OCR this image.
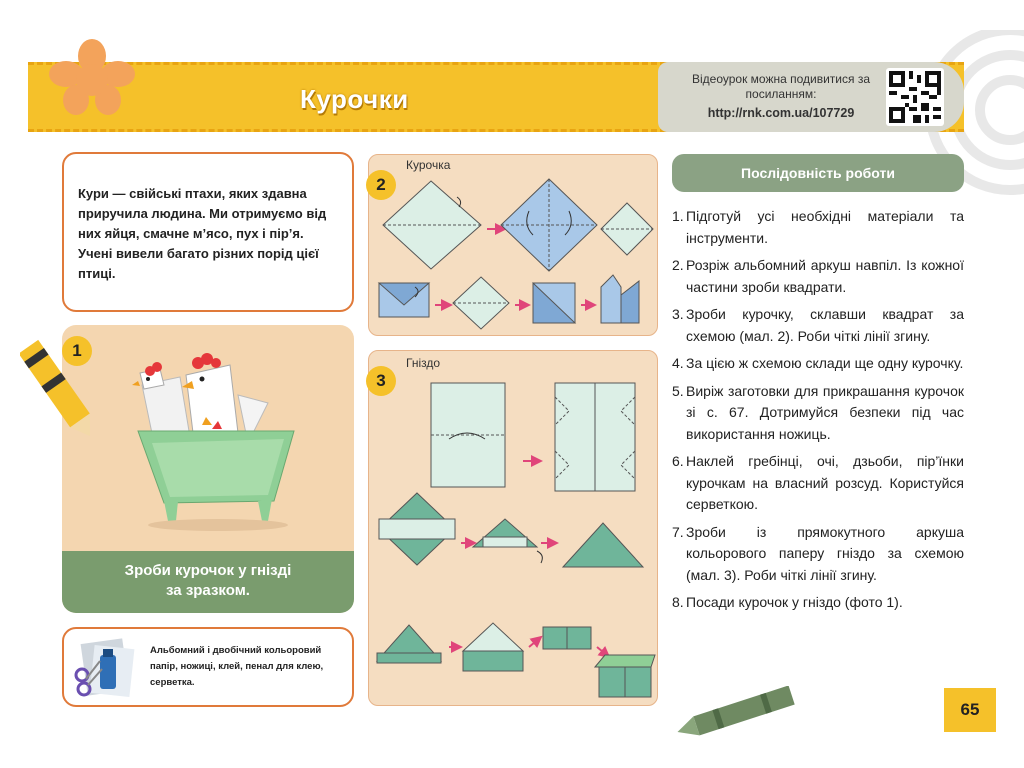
Курочки
Відеоурок можна подивитися за посиланням:
http://rnk.com.ua/107729

Кури — свійські птахи, яких здавна приручила людина. Ми отримуємо від них яйця, смачне м’ясо, пух і пір’я. Учені вивели багато різних порід цієї птиці.

Зроби курочок у гнізді
за зразком.
1
Альбомний і двобічний кольоровий папір, ножиці, клей, пенал для клею, серветка.
2
Курочка
3
Гніздо
Послідовність роботи
1. Підготуй усі необхідні матеріали та інструменти.
2. Розріж альбомний аркуш навпіл. Із кожної частини зроби квадрати.
3. Зроби курочку, склавши квадрат за схемою (мал. 2). Роби чіткі лінії згину.
4. За цією ж схемою склади ще одну курочку.
5. Виріж заготовки для прикрашання курочок зі с. 67. Дотримуйся безпеки під час використання ножиць.
6. Наклей гребінці, очі, дзьоби, пір’їнки курочкам на власний розсуд. Користуйся серветкою.
7. Зроби із прямокутного аркуша кольорового паперу гніздо за схемою (мал. 3). Роби чіткі лінії згину.
8. Посади курочок у гніздо (фото 1).
65
